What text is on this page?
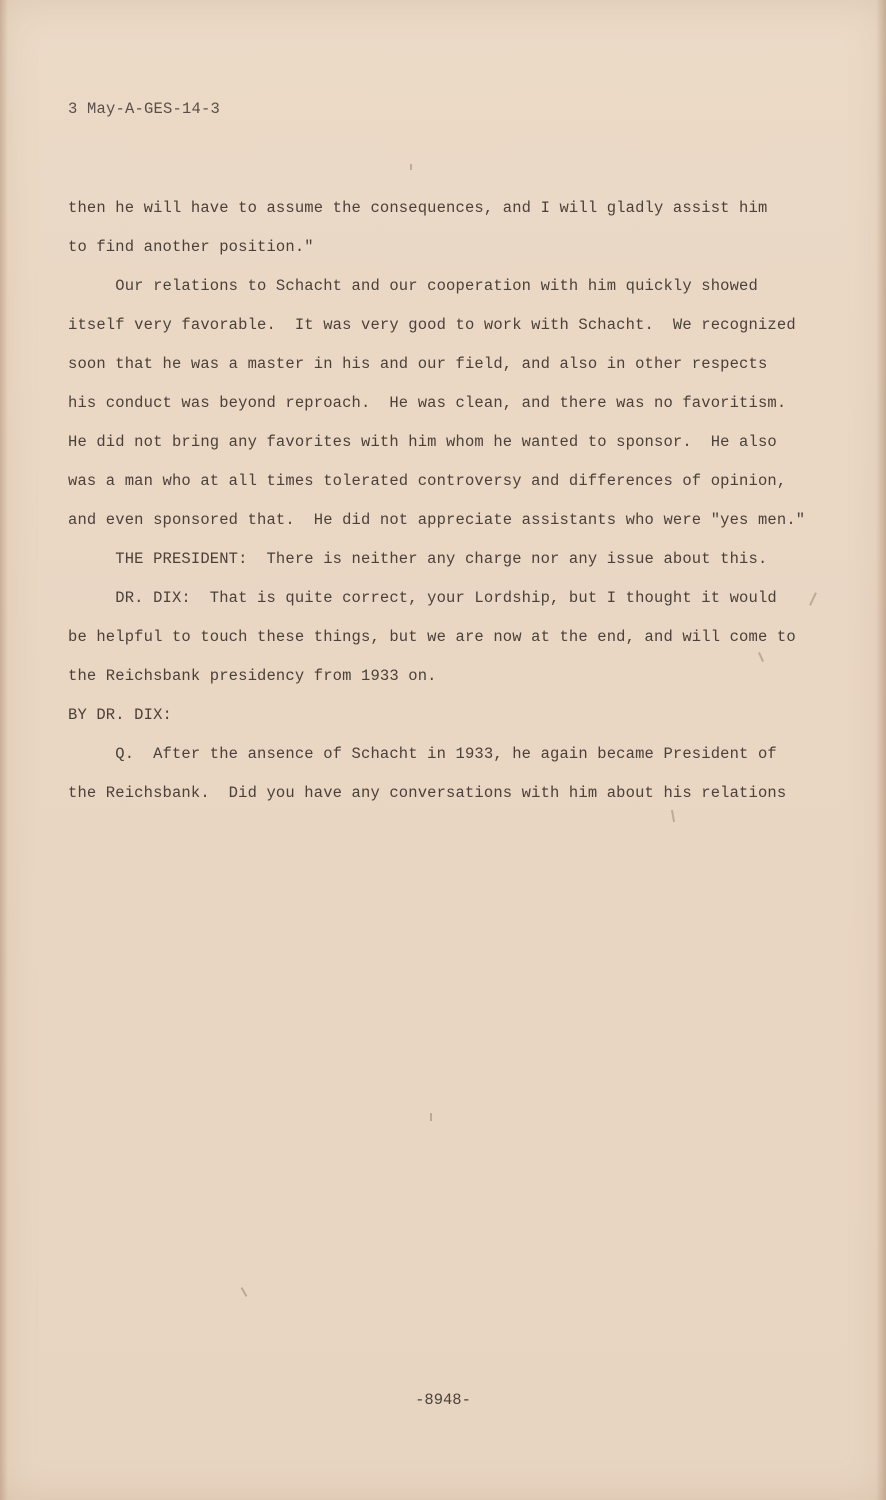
3 May-A-GES-14-3
then he will have to assume the consequences, and I will gladly assist him
to find another position."
Our relations to Schacht and our cooperation with him quickly showed
itself very favorable.  It was very good to work with Schacht.  We recognized
soon that he was a master in his and our field, and also in other respects
his conduct was beyond reproach.  He was clean, and there was no favoritism.
He did not bring any favorites with him whom he wanted to sponsor.  He also
was a man who at all times tolerated controversy and differences of opinion,
and even sponsored that.  He did not appreciate assistants who were "yes men."
THE PRESIDENT:  There is neither any charge nor any issue about this.
DR. DIX:  That is quite correct, your Lordship, but I thought it would
be helpful to touch these things, but we are now at the end, and will come to
the Reichsbank presidency from 1933 on.
BY DR. DIX:
Q.  After the ansence of Schacht in 1933, he again became President of
the Reichsbank.  Did you have any conversations with him about his relations
-8948-
